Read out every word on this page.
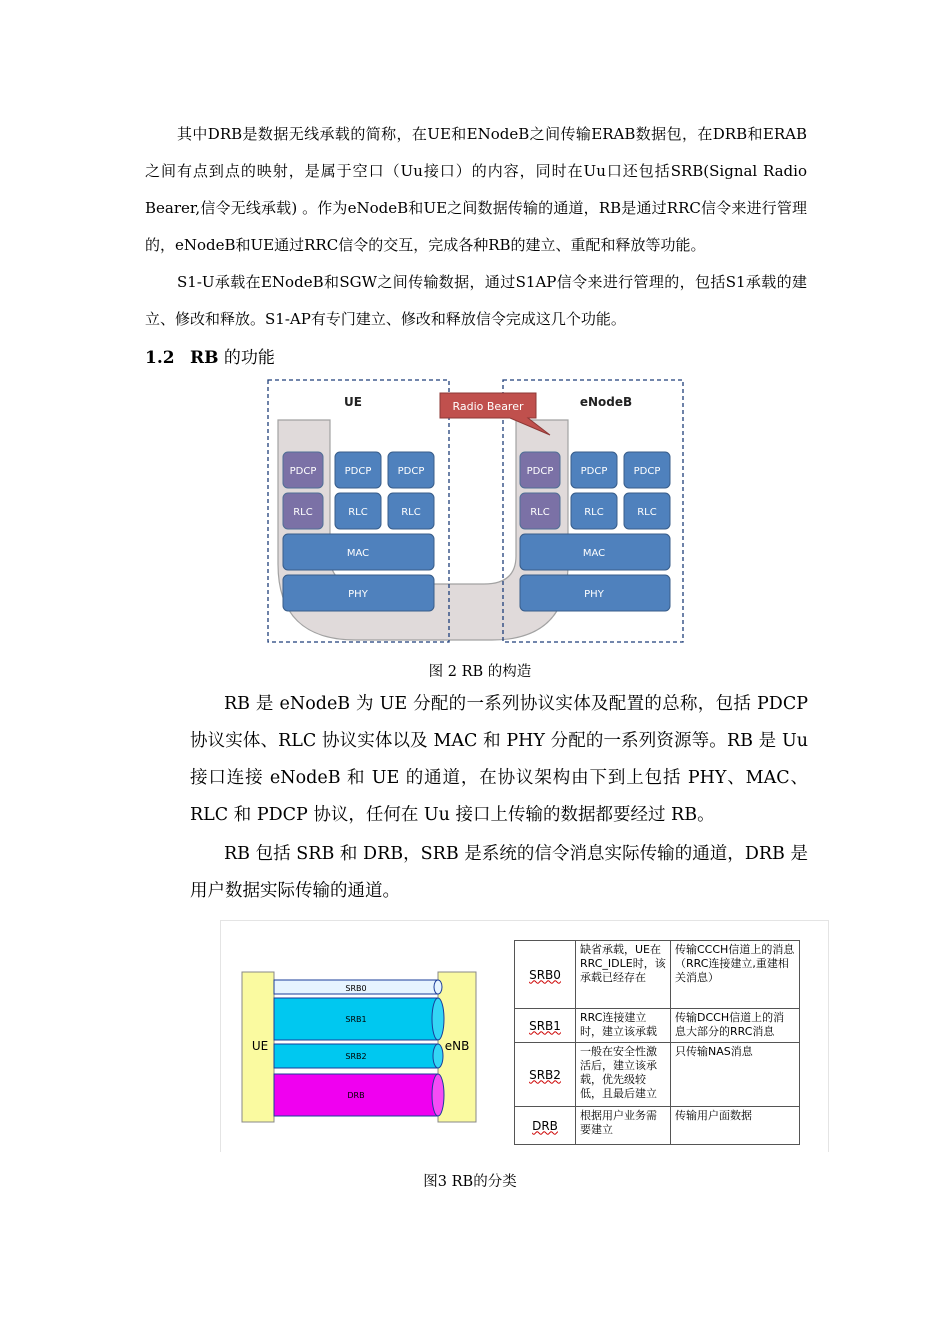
其中DRB是数据无线承载的简称，在UE和ENodeB之间传输ERAB数据包，在DRB和ERAB之间有点到点的映射，是属于空口（Uu接口）的内容，同时在Uu口还包括SRB(Signal Radio Bearer,信令无线承载) 。作为eNodeB和UE之间数据传输的通道，RB是通过RRC信令来进行管理的，eNodeB和UE通过RRC信令的交互，完成各种RB的建立、重配和释放等功能。

S1-U承载在ENodeB和SGW之间传输数据，通过S1AP信令来进行管理的，包括S1承载的建立、修改和释放。S1-AP有专门建立、修改和释放信令完成这几个功能。

1.2 RB 的功能
UE	eNodeB
Radio Bearer
PDCP	PDCP	PDCP
RLC	RLC	RLC
MAC
PHY
PDCP	PDCP	PDCP
RLC	RLC	RLC
MAC
PHY
图 2 RB 的构造

RB 是 eNodeB 为 UE 分配的一系列协议实体及配置的总称，包括 PDCP 协议实体、RLC 协议实体以及 MAC 和 PHY 分配的一系列资源等。RB 是 Uu 接口连接 eNodeB 和 UE 的通道，在协议架构由下到上包括 PHY、MAC、RLC 和 PDCP 协议，任何在 Uu 接口上传输的数据都要经过 RB。

RB 包括 SRB 和 DRB，SRB 是系统的信令消息实际传输的通道，DRB 是用户数据实际传输的通道。

UE	eNB
SRB0
SRB1
SRB2
DRB
SRB0	缺省承载，UE在RRC_IDLE时，该承载已经存在	传输CCCH信道上的消息（RRC连接建立,重建相关消息）
SRB1	RRC连接建立时，建立该承载	传输DCCH信道上的消息大部分的RRC消息
SRB2	一般在安全性激活后，建立该承载，优先级较低，且最后建立	只传输NAS消息
DRB	根据用户业务需要建立	传输用户面数据
图3 RB的分类
